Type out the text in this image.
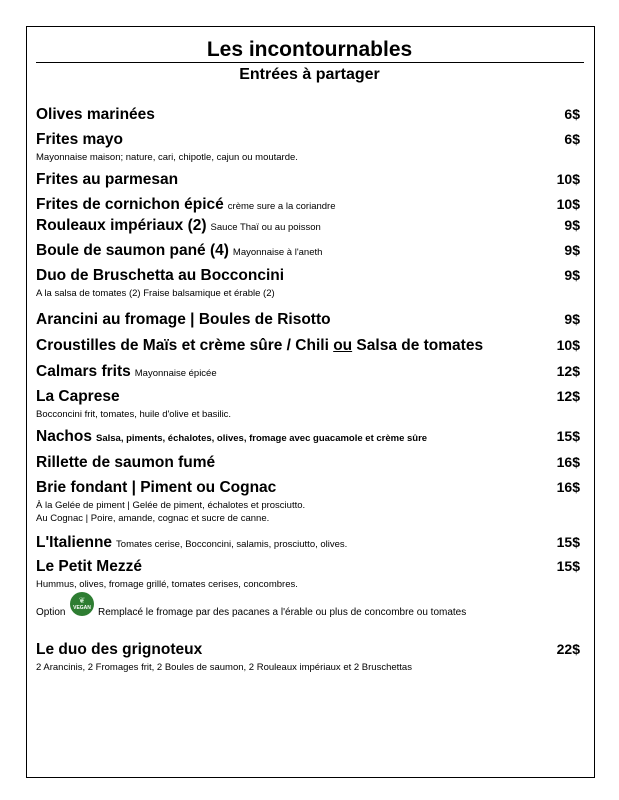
Les incontournables
Entrées à partager
Olives marinées	6$
Frites mayo	6$
Mayonnaise maison; nature, cari, chipotle, cajun ou moutarde.
Frites au parmesan	10$
Frites de cornichon épicé crème sure a la coriandre	10$
Rouleaux impériaux (2) Sauce Thaï ou au poisson	9$
Boule de saumon pané (4) Mayonnaise à l'aneth	9$
Duo de Bruschetta au Bocconcini	9$
A la salsa de tomates (2) Fraise balsamique et érable (2)
Arancini au fromage | Boules de Risotto	9$
Croustilles de Maïs et crème sûre / Chili ou Salsa de tomates	10$
Calmars frits Mayonnaise épicée	12$
La Caprese	12$
Bocconcini frit, tomates, huile d'olive et basilic.
Nachos Salsa, piments, échalotes, olives, fromage avec guacamole et crème sûre	15$
Rillette de saumon fumé	16$
Brie fondant | Piment ou Cognac	16$
À la Gelée de piment | Gelée de piment, échalotes et prosciutto.
Au Cognac | Poire, amande, cognac et sucre de canne.
L'Italienne Tomates cerise, Bocconcini, salamis, prosciutto, olives.	15$
Le Petit Mezzé	15$
Hummus, olives, fromage grillé, tomates cerises, concombres.
Option
❦
VEGAN Remplacé le fromage par des pacanes a l'érable ou plus de concombre ou tomates
Le duo des grignoteux	22$
2 Arancinis, 2 Fromages frit, 2 Boules de saumon, 2 Rouleaux impériaux et 2 Bruschettas
